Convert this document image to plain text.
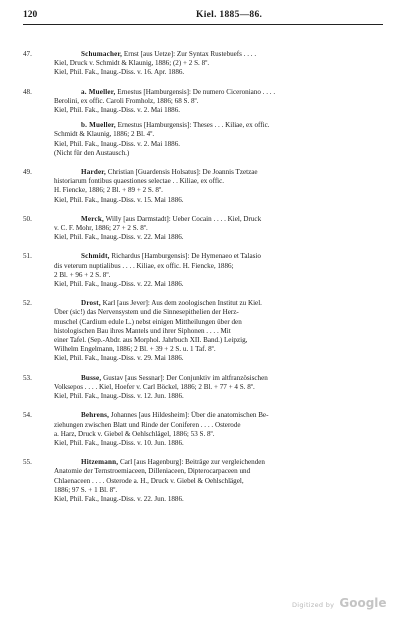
120	Kiel. 1885—86.
47.	Schumacher, Ernst [aus Uetze]: Zur Syntax Rustebuefs . . . .
Kiel, Druck v. Schmidt & Klaunig, 1886; (2) + 2 S. 8º.
Kiel, Phil. Fak., Inaug.-Diss. v. 16. Apr. 1886.
48.	a. Mueller, Ernestus [Hamburgensis]: De numero Ciceroniano . . . .
Berolini, ex offic. Caroli Fromholz, 1886; 68 S. 8º.
Kiel, Phil. Fak., Inaug.-Diss. v. 2. Mai 1886.
b. Mueller, Ernestus [Hamburgensis]: Theses . . . Kiliae, ex offic.
Schmidt & Klaunig, 1886; 2 Bl. 4º.
Kiel, Phil. Fak., Inaug.-Diss. v. 2. Mai 1886.
(Nicht für den Austausch.)
49.	Harder, Christian [Guardensis Holsatus]: De Joannis Tzetzae
historiarum fontibus quaestiones selectae . . Kiliae, ex offic.
H. Fiencke, 1886; 2 Bl. + 89 + 2 S. 8º.
Kiel, Phil. Fak., Inaug.-Diss. v. 15. Mai 1886.
50.	Merck, Willy [aus Darmstadt]: Ueber Cocain . . . . Kiel, Druck
v. C. F. Mohr, 1886; 27 + 2 S. 8º.
Kiel, Phil. Fak., Inaug.-Diss. v. 22. Mai 1886.
51.	Schmidt, Richardus [Hamburgensis]: De Hymenaeo et Talasio
dis veterum nuptialibus . . . . Kiliae, ex offic. H. Fiencke, 1886;
2 Bl. + 96 + 2 S. 8º.
Kiel, Phil. Fak., Inaug.-Diss. v. 22. Mai 1886.
52.	Drost, Karl [aus Jever]: Aus dem zoologischen Institut zu Kiel.
Über (sic!) das Nervensystem und die Sinnesepithelien der Herz-
muschel (Cardium edule L.) nebst einigen Mittheilungen über den
histologischen Bau ihres Mantels und ihrer Siphonen . . . . Mit
einer Tafel. (Sep.-Abdr. aus Morphol. Jahrbuch XII. Band.) Leipzig,
Wilhelm Engelmann, 1886; 2 Bl. + 39 + 2 S. u. 1 Taf. 8º.
Kiel, Phil. Fak., Inaug.-Diss. v. 29. Mai 1886.
53.	Busse, Gustav [aus Sessnar]: Der Conjunktiv im altfranzösischen
Volksepos . . . . Kiel, Hoefer v. Carl Böckel, 1886; 2 Bl. + 77 + 4 S. 8º.
Kiel, Phil. Fak., Inaug.-Diss. v. 12. Jun. 1886.
54.	Behrens, Johannes [aus Hildesheim]: Über die anatomischen Be-
ziehungen zwischen Blatt und Rinde der Coniferen . . . . Osterode
a. Harz, Druck v. Giebel & Oehlschlägel, 1886; 53 S. 8º.
Kiel, Phil. Fak., Inaug.-Diss. v. 10. Jun. 1886.
55.	Hitzemann, Carl [aus Hagenburg]: Beiträge zur vergleichenden
Anatomie der Ternstroemiaceen, Dilleniaceen, Dipterocarpaceen und
Chlaenaceen . . . . Osterode a. H., Druck v. Giebel & Oehlschlägel,
1886; 97 S. + 1 Bl. 8º.
Kiel, Phil. Fak., Inaug.-Diss. v. 22. Jun. 1886.
Digitized by Google
